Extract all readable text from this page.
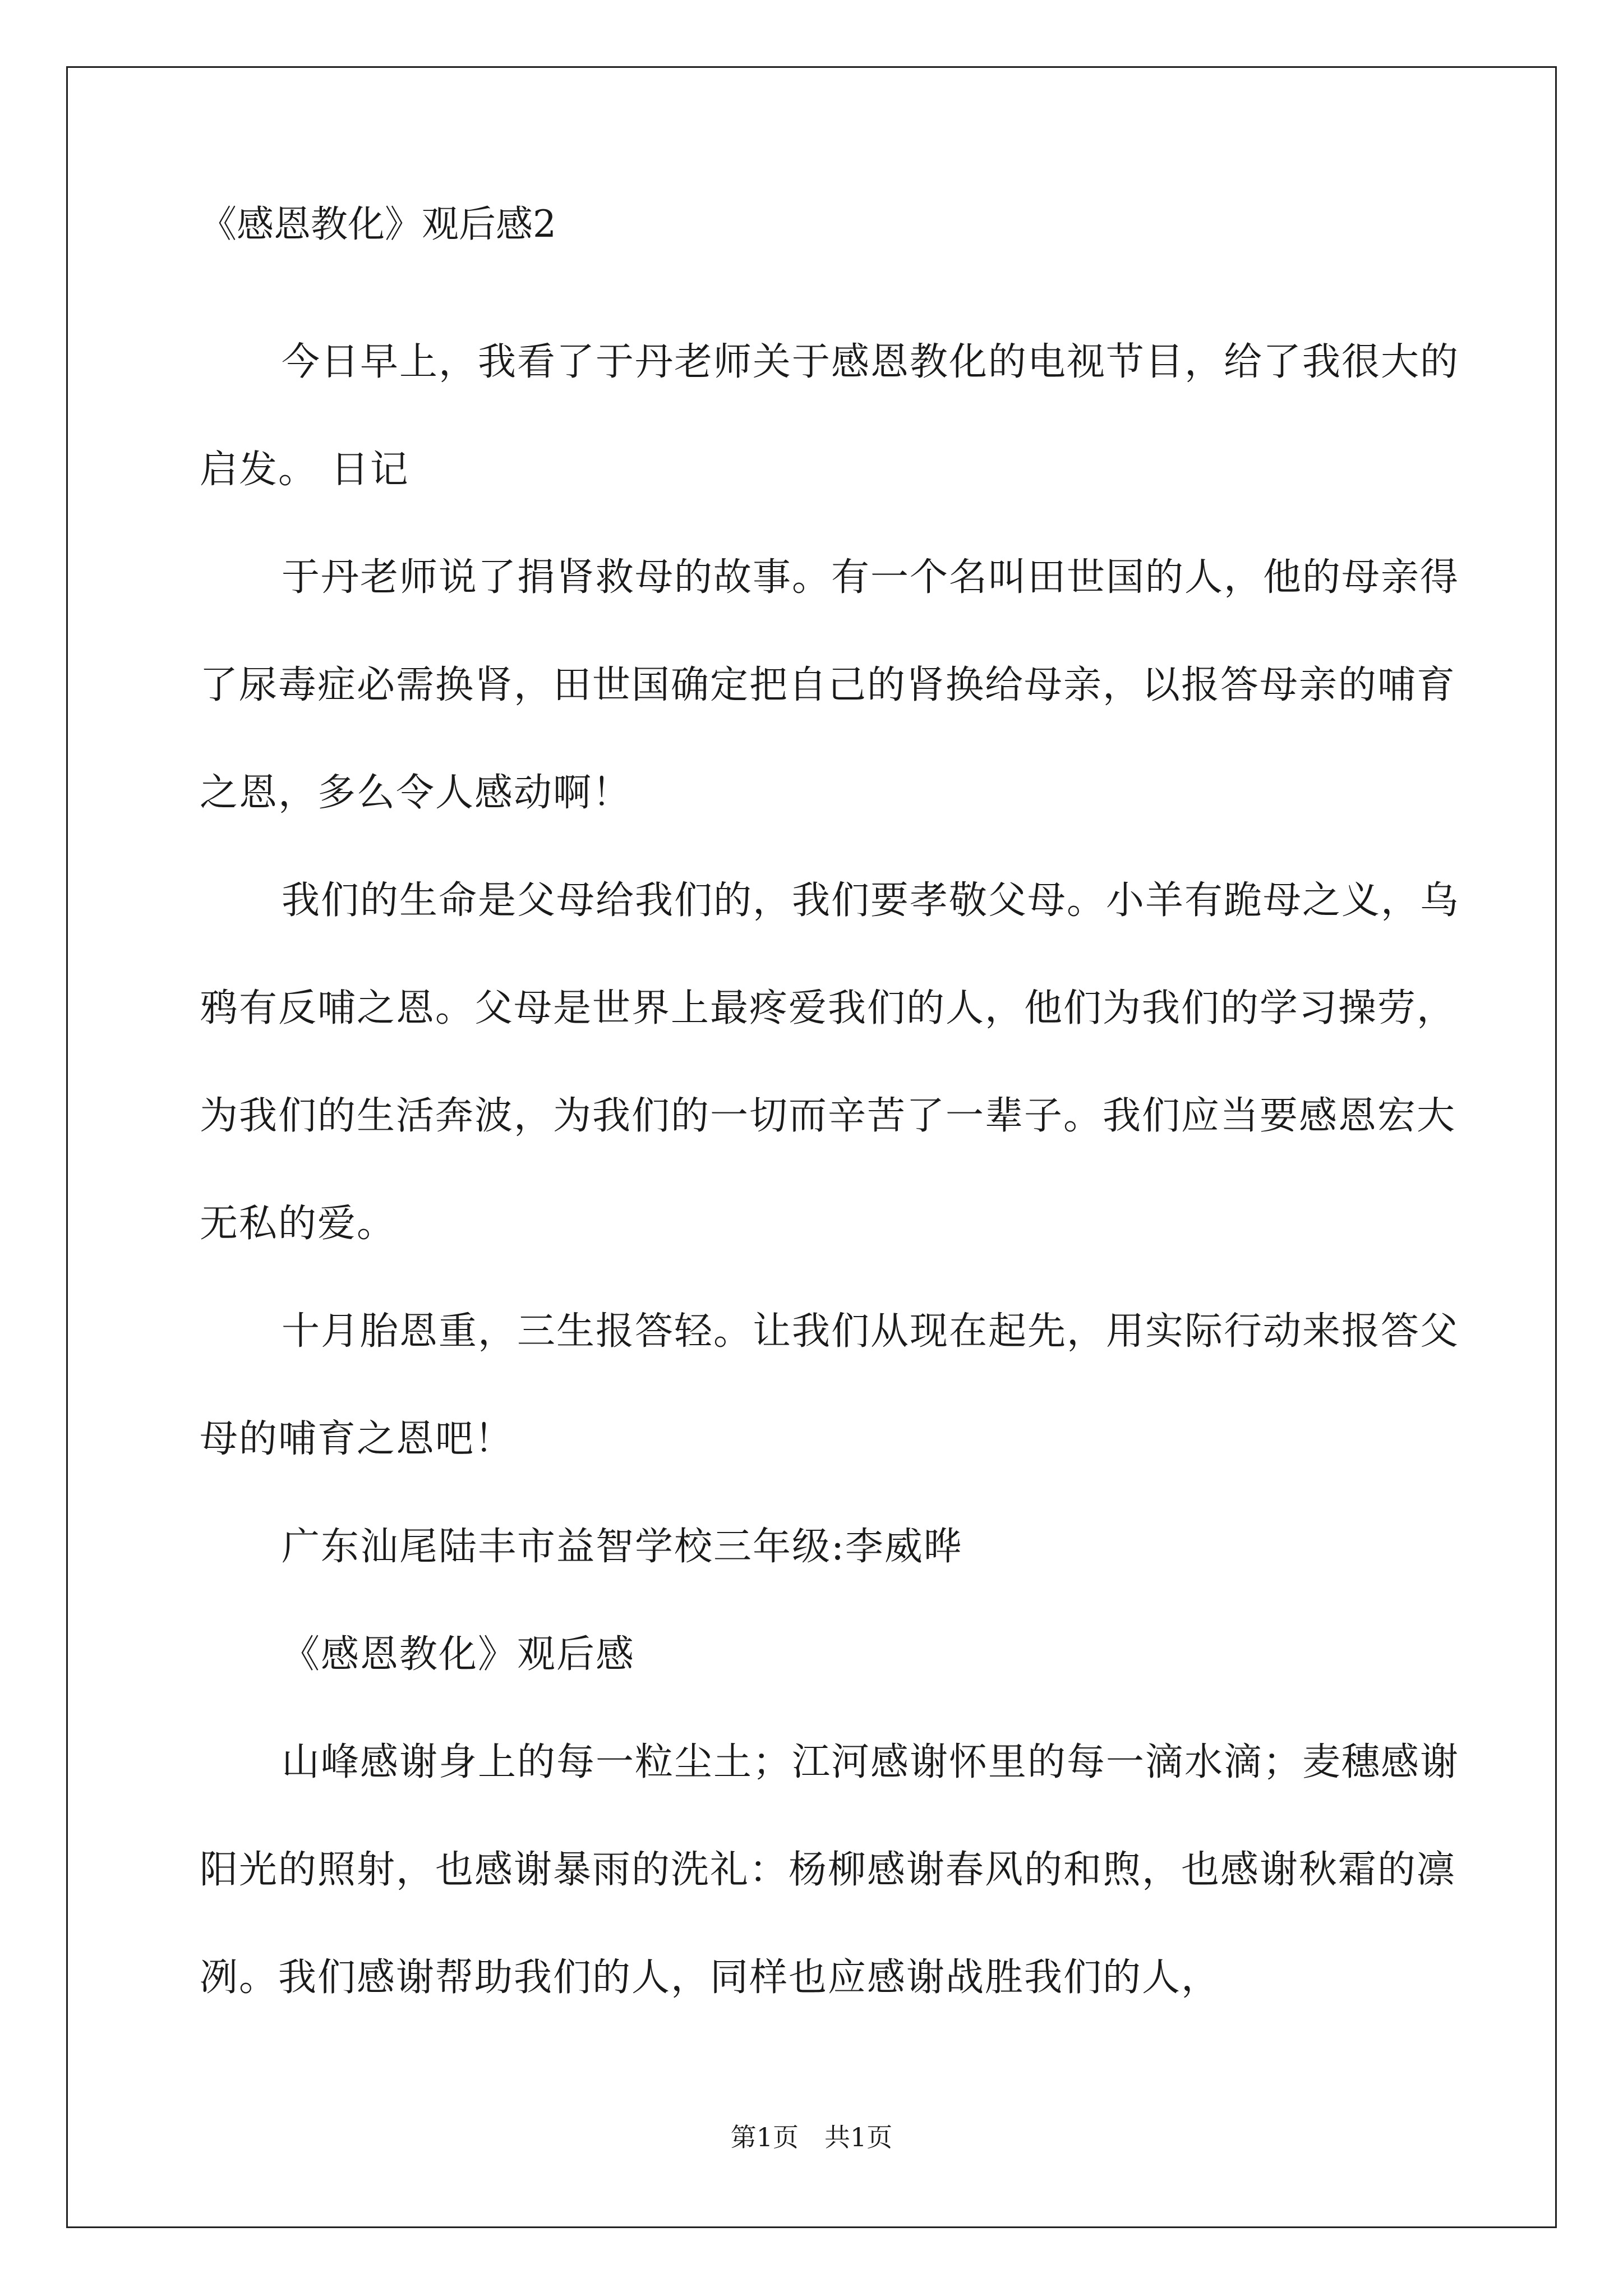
《感恩教化》观后感2

今日早上，我看了于丹老师关于感恩教化的电视节目，给了我很大的启发。 日记

于丹老师说了捐肾救母的故事。有一个名叫田世国的人，他的母亲得了尿毒症必需换肾，田世国确定把自己的肾换给母亲，以报答母亲的哺育之恩，多么令人感动啊！

我们的生命是父母给我们的，我们要孝敬父母。小羊有跪母之义，乌鸦有反哺之恩。父母是世界上最疼爱我们的人，他们为我们的学习操劳，为我们的生活奔波，为我们的一切而辛苦了一辈子。我们应当要感恩宏大无私的爱。

十月胎恩重，三生报答轻。让我们从现在起先，用实际行动来报答父母的哺育之恩吧！

广东汕尾陆丰市益智学校三年级:李威晔

《感恩教化》观后感

山峰感谢身上的每一粒尘土；江河感谢怀里的每一滴水滴；麦穗感谢阳光的照射，也感谢暴雨的洗礼：杨柳感谢春风的和煦，也感谢秋霜的凛冽。我们感谢帮助我们的人，同样也应感谢战胜我们的人，

第1页　共1页
